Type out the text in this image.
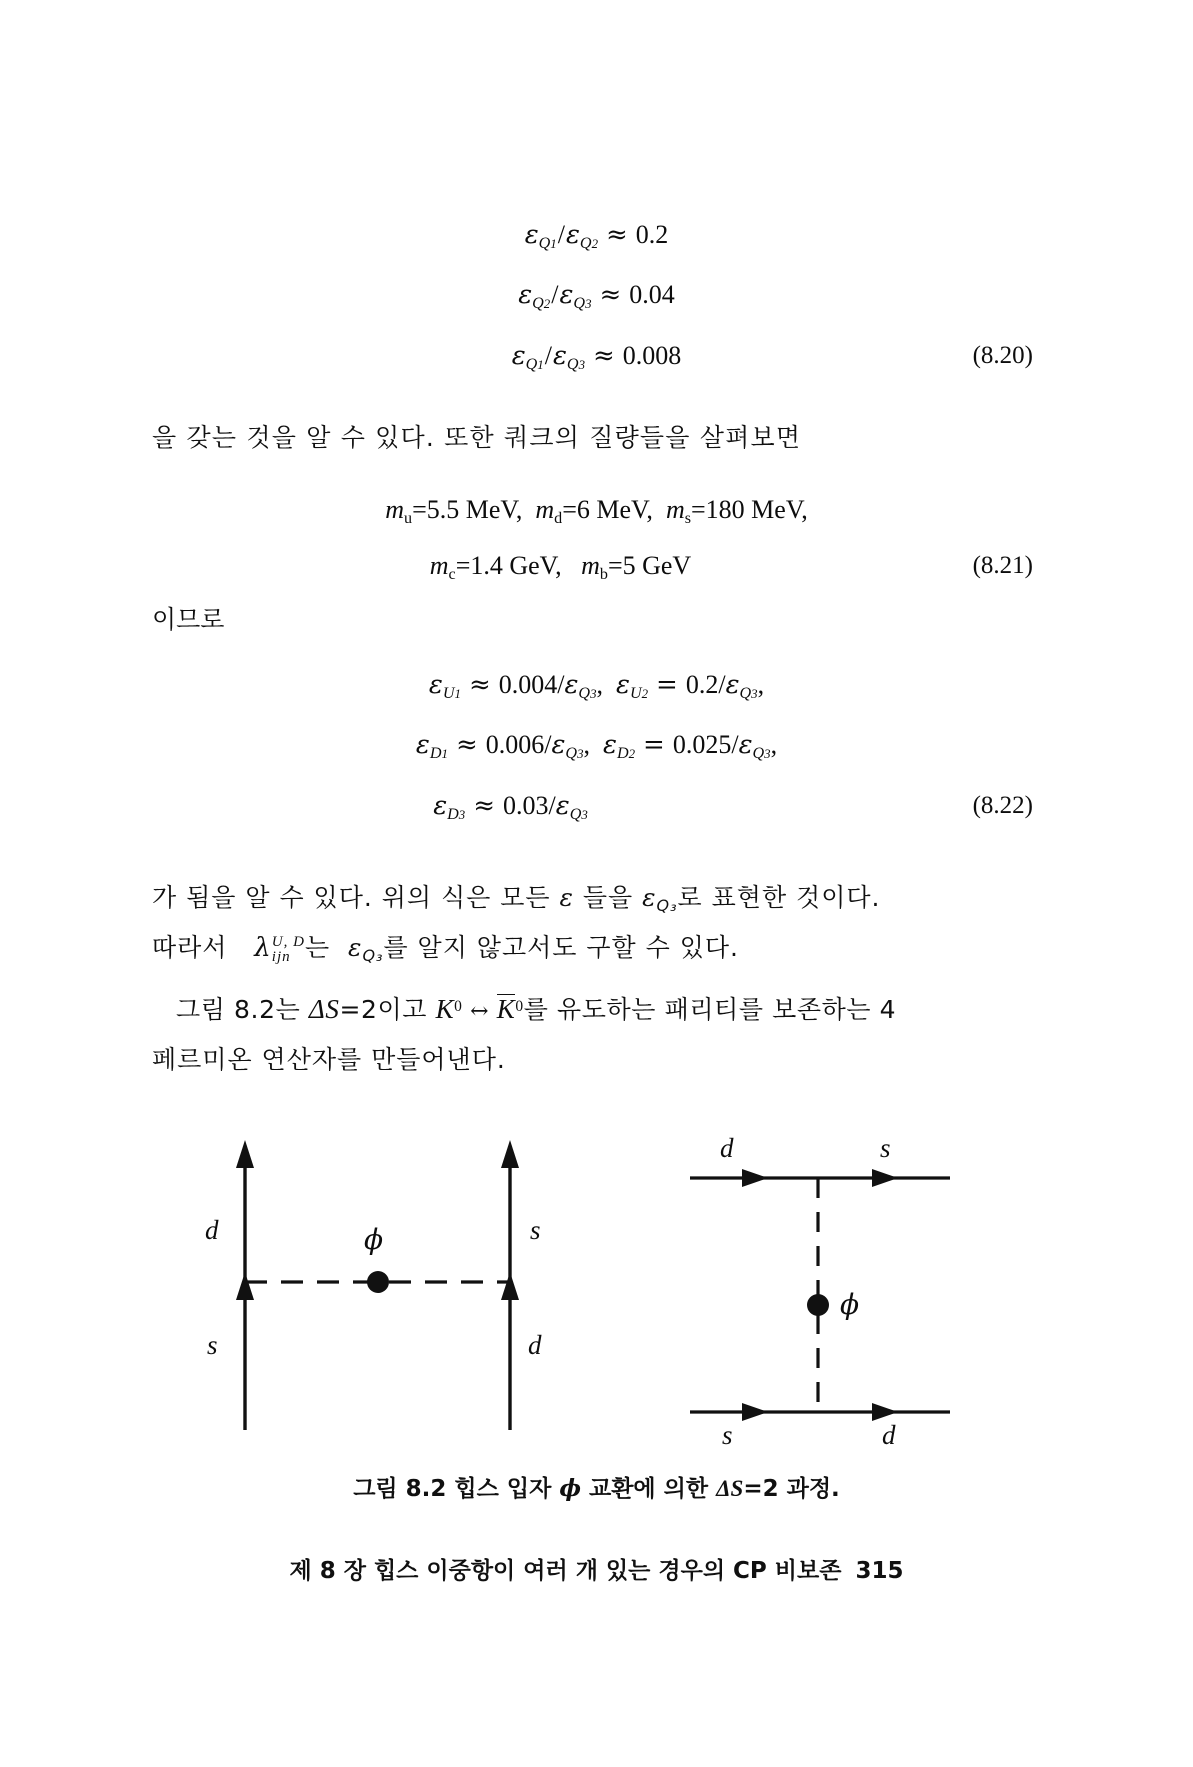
$\varepsilon_{Q1}/\varepsilon_{Q2} \approx 0.2$
$\varepsilon_{Q2}/\varepsilon_{Q3} \approx 0.04$
$\varepsilon_{Q1}/\varepsilon_{Q3} \approx 0.008$	(8.20)
을 갖는 것을 알 수 있다. 또한 쿼크의 질량들을 살펴보면
$m_u=5.5$ MeV, $m_d=6$ MeV, $m_s=180$ MeV,
$m_c=1.4$ GeV, $m_b=5$ GeV	(8.21)
이므로
$\varepsilon_{U1} \approx 0.004/\varepsilon_{Q3}$, $\varepsilon_{U2} = 0.2/\varepsilon_{Q3}$,
$\varepsilon_{D1} \approx 0.006/\varepsilon_{Q3}$, $\varepsilon_{D2} = 0.025/\varepsilon_{Q3}$,
$\varepsilon_{D3} \approx 0.03/\varepsilon_{Q3}$	(8.22)
가 됨을 알 수 있다. 위의 식은 모든 ε 들을 $\varepsilon_{Q_3}$로 표현한 것이다.
따라서 λ U, D
ijn 는 $\varepsilon_{Q_3}$를 알지 않고서도 구할 수 있다.
그림 8.2는 ΔS=2이고 $K^0$ ↔ $K^0$를 유도하는 패리티를 보존하는 4
페르미온 연산자를 만들어낸다.
d
s
s
d
ϕ
d	s
s	d
ϕ
그림 8.2 힙스 입자 ϕ 교환에 의한 ΔS=2 과정.
제 8 장 힙스 이중항이 여러 개 있는 경우의 CP 비보존 315
